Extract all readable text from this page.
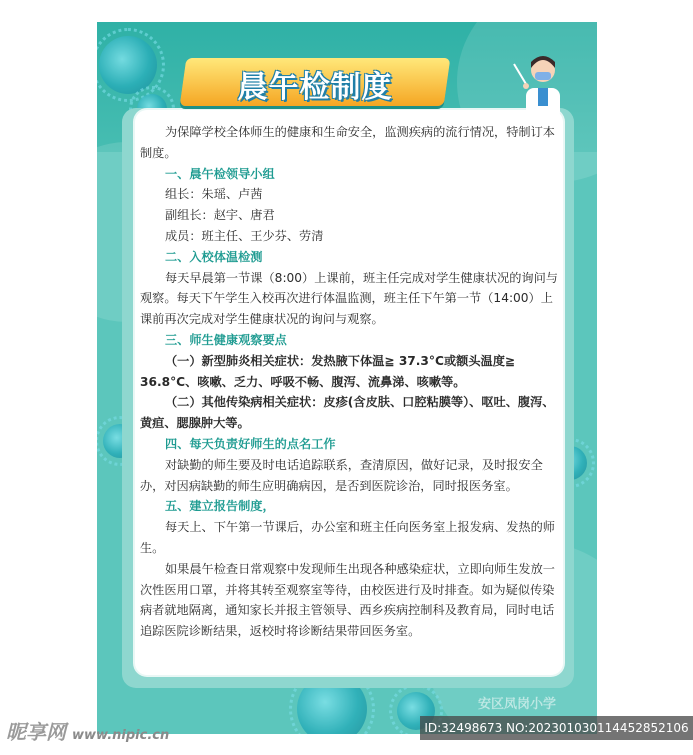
晨午检制度

为保障学校全体师生的健康和生命安全，监测疾病的流行情况，特制订本制度。

一、晨午检领导小组

组长：朱瑶、卢茜

副组长：赵宇、唐君

成员：班主任、王少芬、劳清

二、入校体温检测

每天早晨第一节课（8:00）上课前，班主任完成对学生健康状况的询问与观察。每天下午学生入校再次进行体温监测，班主任下午第一节（14:00）上课前再次完成对学生健康状况的询问与观察。

三、师生健康观察要点

（一）新型肺炎相关症状：发热腋下体温≧ 37.3°C或额头温度≧ 36.8°C、咳嗽、乏力、呼吸不畅、腹泻、流鼻涕、咳嗽等。

（二）其他传染病相关症状：皮疹(含皮肤、口腔粘膜等）、呕吐、腹泻、黄疸、腮腺肿大等。

四、每天负责好师生的点名工作

对缺勤的师生要及时电话追踪联系，查清原因，做好记录，及时报安全办，对因病缺勤的师生应明确病因，是否到医院诊治，同时报医务室。

五、建立报告制度，

每天上、下午第一节课后，办公室和班主任向医务室上报发病、发热的师生。

如果晨午检查日常观察中发现师生出现各种感染症状，立即向师生发放一次性医用口罩，并将其转至观察室等待，由校医进行及时排查。如为疑似传染病者就地隔离，通知家长并报主管领导、西乡疾病控制科及教育局，同时电话追踪医院诊断结果，返校时将诊断结果带回医务室。

安区凤岗小学
昵享网 www.nipic.cn	ID:32498673 NO:20230103011445285210​6
